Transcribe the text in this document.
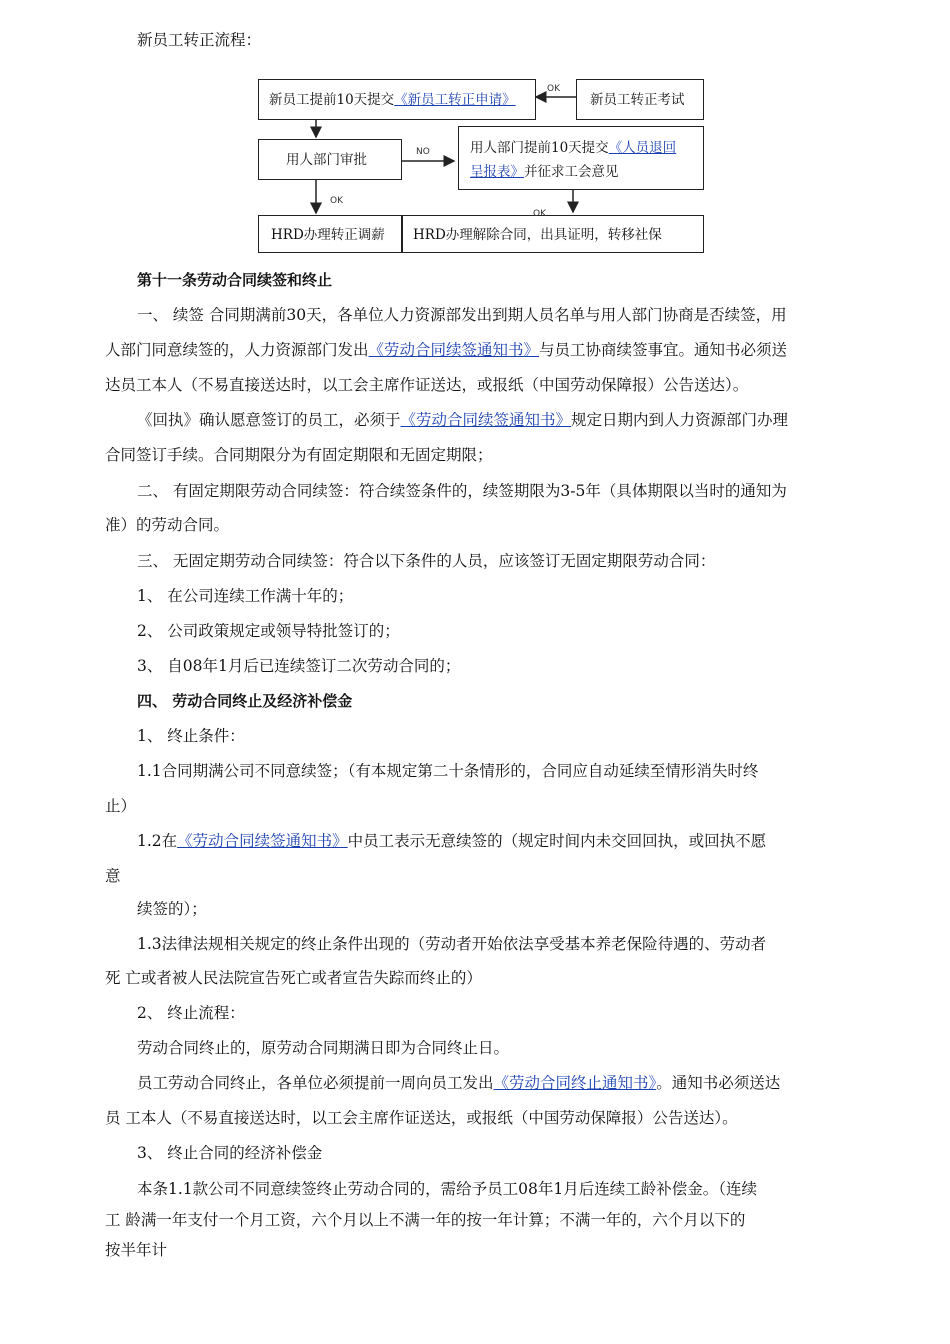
新员工转正流程：
新员工提前10天提交《新员工转正申请》	新员工转正考试
用人部门审批
用人部门提前10天提交《人员退回
呈报表》并征求工会意见
HRD办理转正调薪	HRD办理解除合同，出具证明，转移社保
OK
NO
OK
OK
第十一条劳动合同续签和终止
一、 续签 合同期满前30天，各单位人力资源部发出到期人员名单与用人部门协商是否续签，用
人部门同意续签的，人力资源部门发出《劳动合同续签通知书》与员工协商续签事宜。通知书必须送
达员工本人（不易直接送达时，以工会主席作证送达，或报纸（中国劳动保障报）公告送达）。
《回执》确认愿意签订的员工，必须于《劳动合同续签通知书》规定日期内到人力资源部门办理
合同签订手续。合同期限分为有固定期限和无固定期限；
二、 有固定期限劳动合同续签：符合续签条件的，续签期限为3-5年（具体期限以当时的通知为
准）的劳动合同。
三、 无固定期劳动合同续签：符合以下条件的人员，应该签订无固定期限劳动合同：
1、 在公司连续工作满十年的；
2、 公司政策规定或领导特批签订的；
3、 自08年1月后已连续签订二次劳动合同的；
四、 劳动合同终止及经济补偿金
1、 终止条件：
1.1合同期满公司不同意续签；（有本规定第二十条情形的，合同应自动延续至情形消失时终
止）
1.2在《劳动合同续签通知书》中员工表示无意续签的（规定时间内未交回回执，或回执不愿
意
续签的）；
1.3法律法规相关规定的终止条件出现的（劳动者开始依法享受基本养老保险待遇的、劳动者
死 亡或者被人民法院宣告死亡或者宣告失踪而终止的）
2、 终止流程：
劳动合同终止的，原劳动合同期满日即为合同终止日。
员工劳动合同终止，各单位必须提前一周向员工发出《劳动合同终止通知书》。通知书必须送达
员 工本人（不易直接送达时，以工会主席作证送达，或报纸（中国劳动保障报）公告送达）。
3、 终止合同的经济补偿金
本条1.1款公司不同意续签终止劳动合同的，需给予员工08年1月后连续工龄补偿金。（连续
工 龄满一年支付一个月工资，六个月以上不满一年的按一年计算；不满一年的，六个月以下的
按半年计
